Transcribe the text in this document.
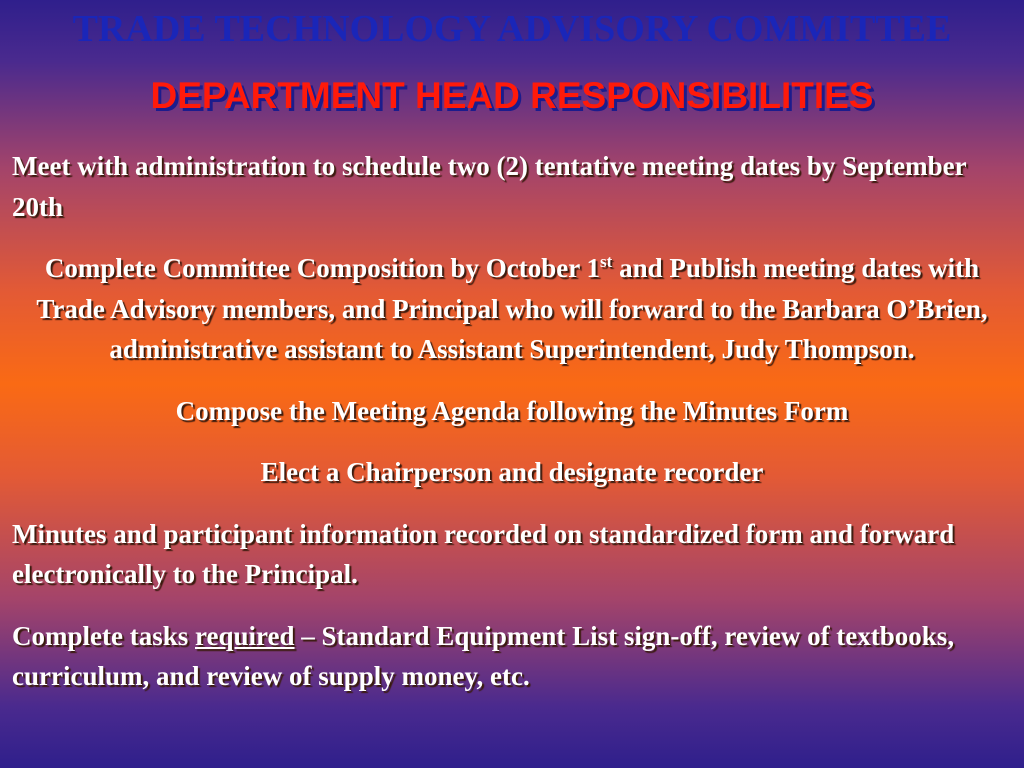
TRADE TECHNOLOGY ADVISORY COMMITTEE
DEPARTMENT HEAD RESPONSIBILITIES

Meet with administration to schedule two (2) tentative meeting dates by September 20th

Complete Committee Composition by October 1st and Publish meeting dates with Trade Advisory members, and Principal who will forward to the Barbara O’Brien, administrative assistant to Assistant Superintendent, Judy Thompson.

Compose the Meeting Agenda following the Minutes Form

Elect a Chairperson and designate recorder

Minutes and participant information recorded on standardized form and forward electronically to the Principal.

Complete tasks required – Standard Equipment List sign-off, review of textbooks, curriculum, and review of supply money, etc.
